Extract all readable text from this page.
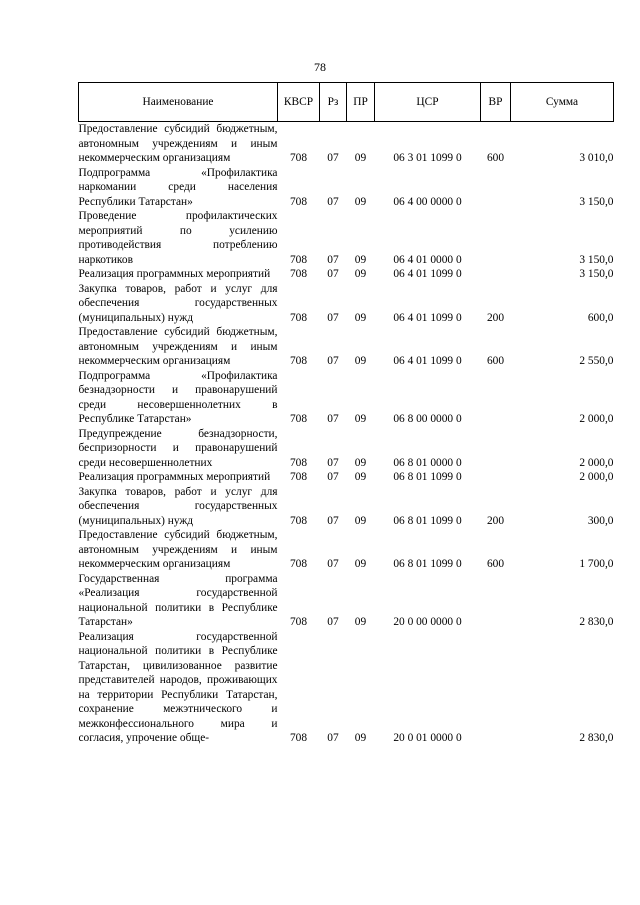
78
Наименование	КВСР	Рз	ПР	ЦСР	ВР	Сумма

Предоставление субсидий бюджетным, автономным учреждениям и иным некоммерческим организациям	708	07	09	06 3 01 1099 0	600	3 010,0

Подпрограмма «Профилактика наркомании среди населения Республики Татарстан»	708	07	09	06 4 00 0000 0		3 150,0

Проведение профилактических мероприятий по усилению противодействия потреблению наркотиков	708	07	09	06 4 01 0000 0		3 150,0

Реализация программных мероприятий	708	07	09	06 4 01 1099 0		3 150,0

Закупка товаров, работ и услуг для обеспечения государственных (муниципальных) нужд	708	07	09	06 4 01 1099 0	200	600,0

Предоставление субсидий бюджетным, автономным учреждениям и иным некоммерческим организациям	708	07	09	06 4 01 1099 0	600	2 550,0

Подпрограмма «Профилактика безнадзорности и правонарушений среди несовершеннолетних в Республике Татарстан»	708	07	09	06 8 00 0000 0		2 000,0

Предупреждение безнадзорности, беспризорности и правонарушений среди несовершеннолетних	708	07	09	06 8 01 0000 0		2 000,0

Реализация программных мероприятий	708	07	09	06 8 01 1099 0		2 000,0

Закупка товаров, работ и услуг для обеспечения государственных (муниципальных) нужд	708	07	09	06 8 01 1099 0	200	300,0

Предоставление субсидий бюджетным, автономным учреждениям и иным некоммерческим организациям	708	07	09	06 8 01 1099 0	600	1 700,0

Государственная программа «Реализация государственной национальной политики в Республике Татарстан»	708	07	09	20 0 00 0000 0		2 830,0

Реализация государственной национальной политики в Республике Татарстан, цивилизованное развитие представителей народов, проживающих на территории Республики Татарстан, сохранение межэтнического и межконфессионального мира и согласия, упрочение обще-	708	07	09	20 0 01 0000 0		2 830,0
